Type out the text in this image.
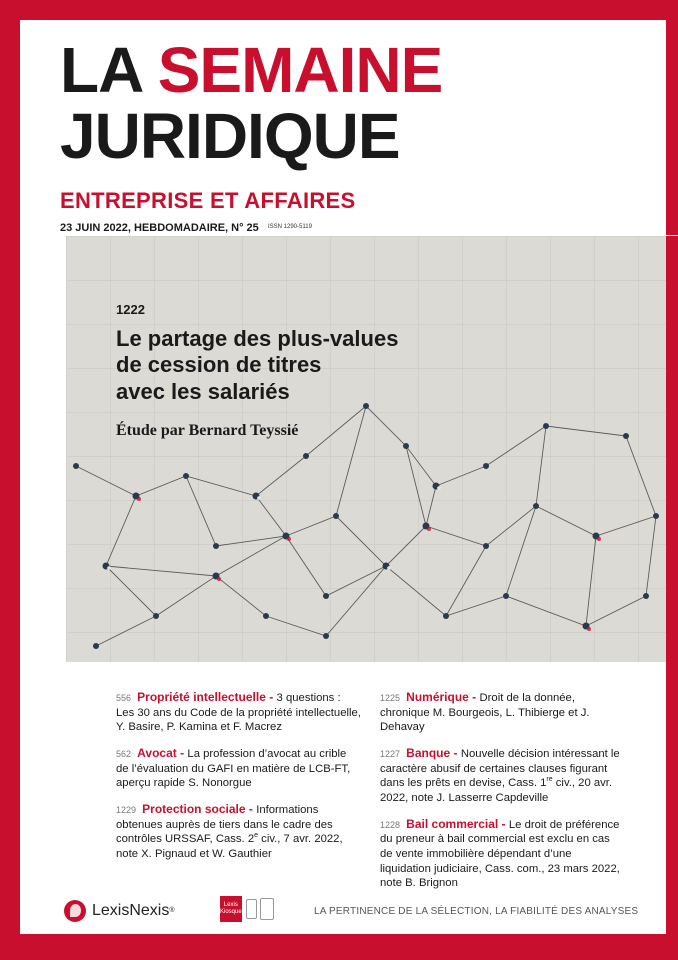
LA SEMAINE
JURIDIQUE
ENTREPRISE ET AFFAIRES
23 JUIN 2022, HEBDOMADAIRE, N° 25 ISSN 1290-5119
1222
Le partage des plus-values
de cession de titres
avec les salariés
Étude par Bernard Teyssié
556 Propriété intellectuelle - 3 questions : Les 30 ans du Code de la propriété intellectuelle, Y. Basire, P. Kamina et F. Macrez
562 Avocat - La profession d’avocat au crible de l’évaluation du GAFI en matière de LCB-FT, aperçu rapide S. Nonorgue
1229 Protection sociale - Informations obtenues auprès de tiers dans le cadre des contrôles URSSAF, Cass. 2e civ., 7 avr. 2022, note X. Pignaud et W. Gauthier
1225 Numérique - Droit de la donnée, chronique M. Bourgeois, L. Thibierge et J. Dehavay
1227 Banque - Nouvelle décision intéressant le caractère abusif de certaines clauses figurant dans les prêts en devise, Cass. 1re civ., 20 avr. 2022, note J. Lasserre Capdeville
1228 Bail commercial - Le droit de préférence du preneur à bail commercial est exclu en cas de vente immobilière dépendant d’une liquidation judiciaire, Cass. com., 23 mars 2022, note B. Brignon
LexisNexis ®
Lexis
Kiosque	LA PERTINENCE DE LA SÉLECTION, LA FIABILITÉ DES ANALYSES
